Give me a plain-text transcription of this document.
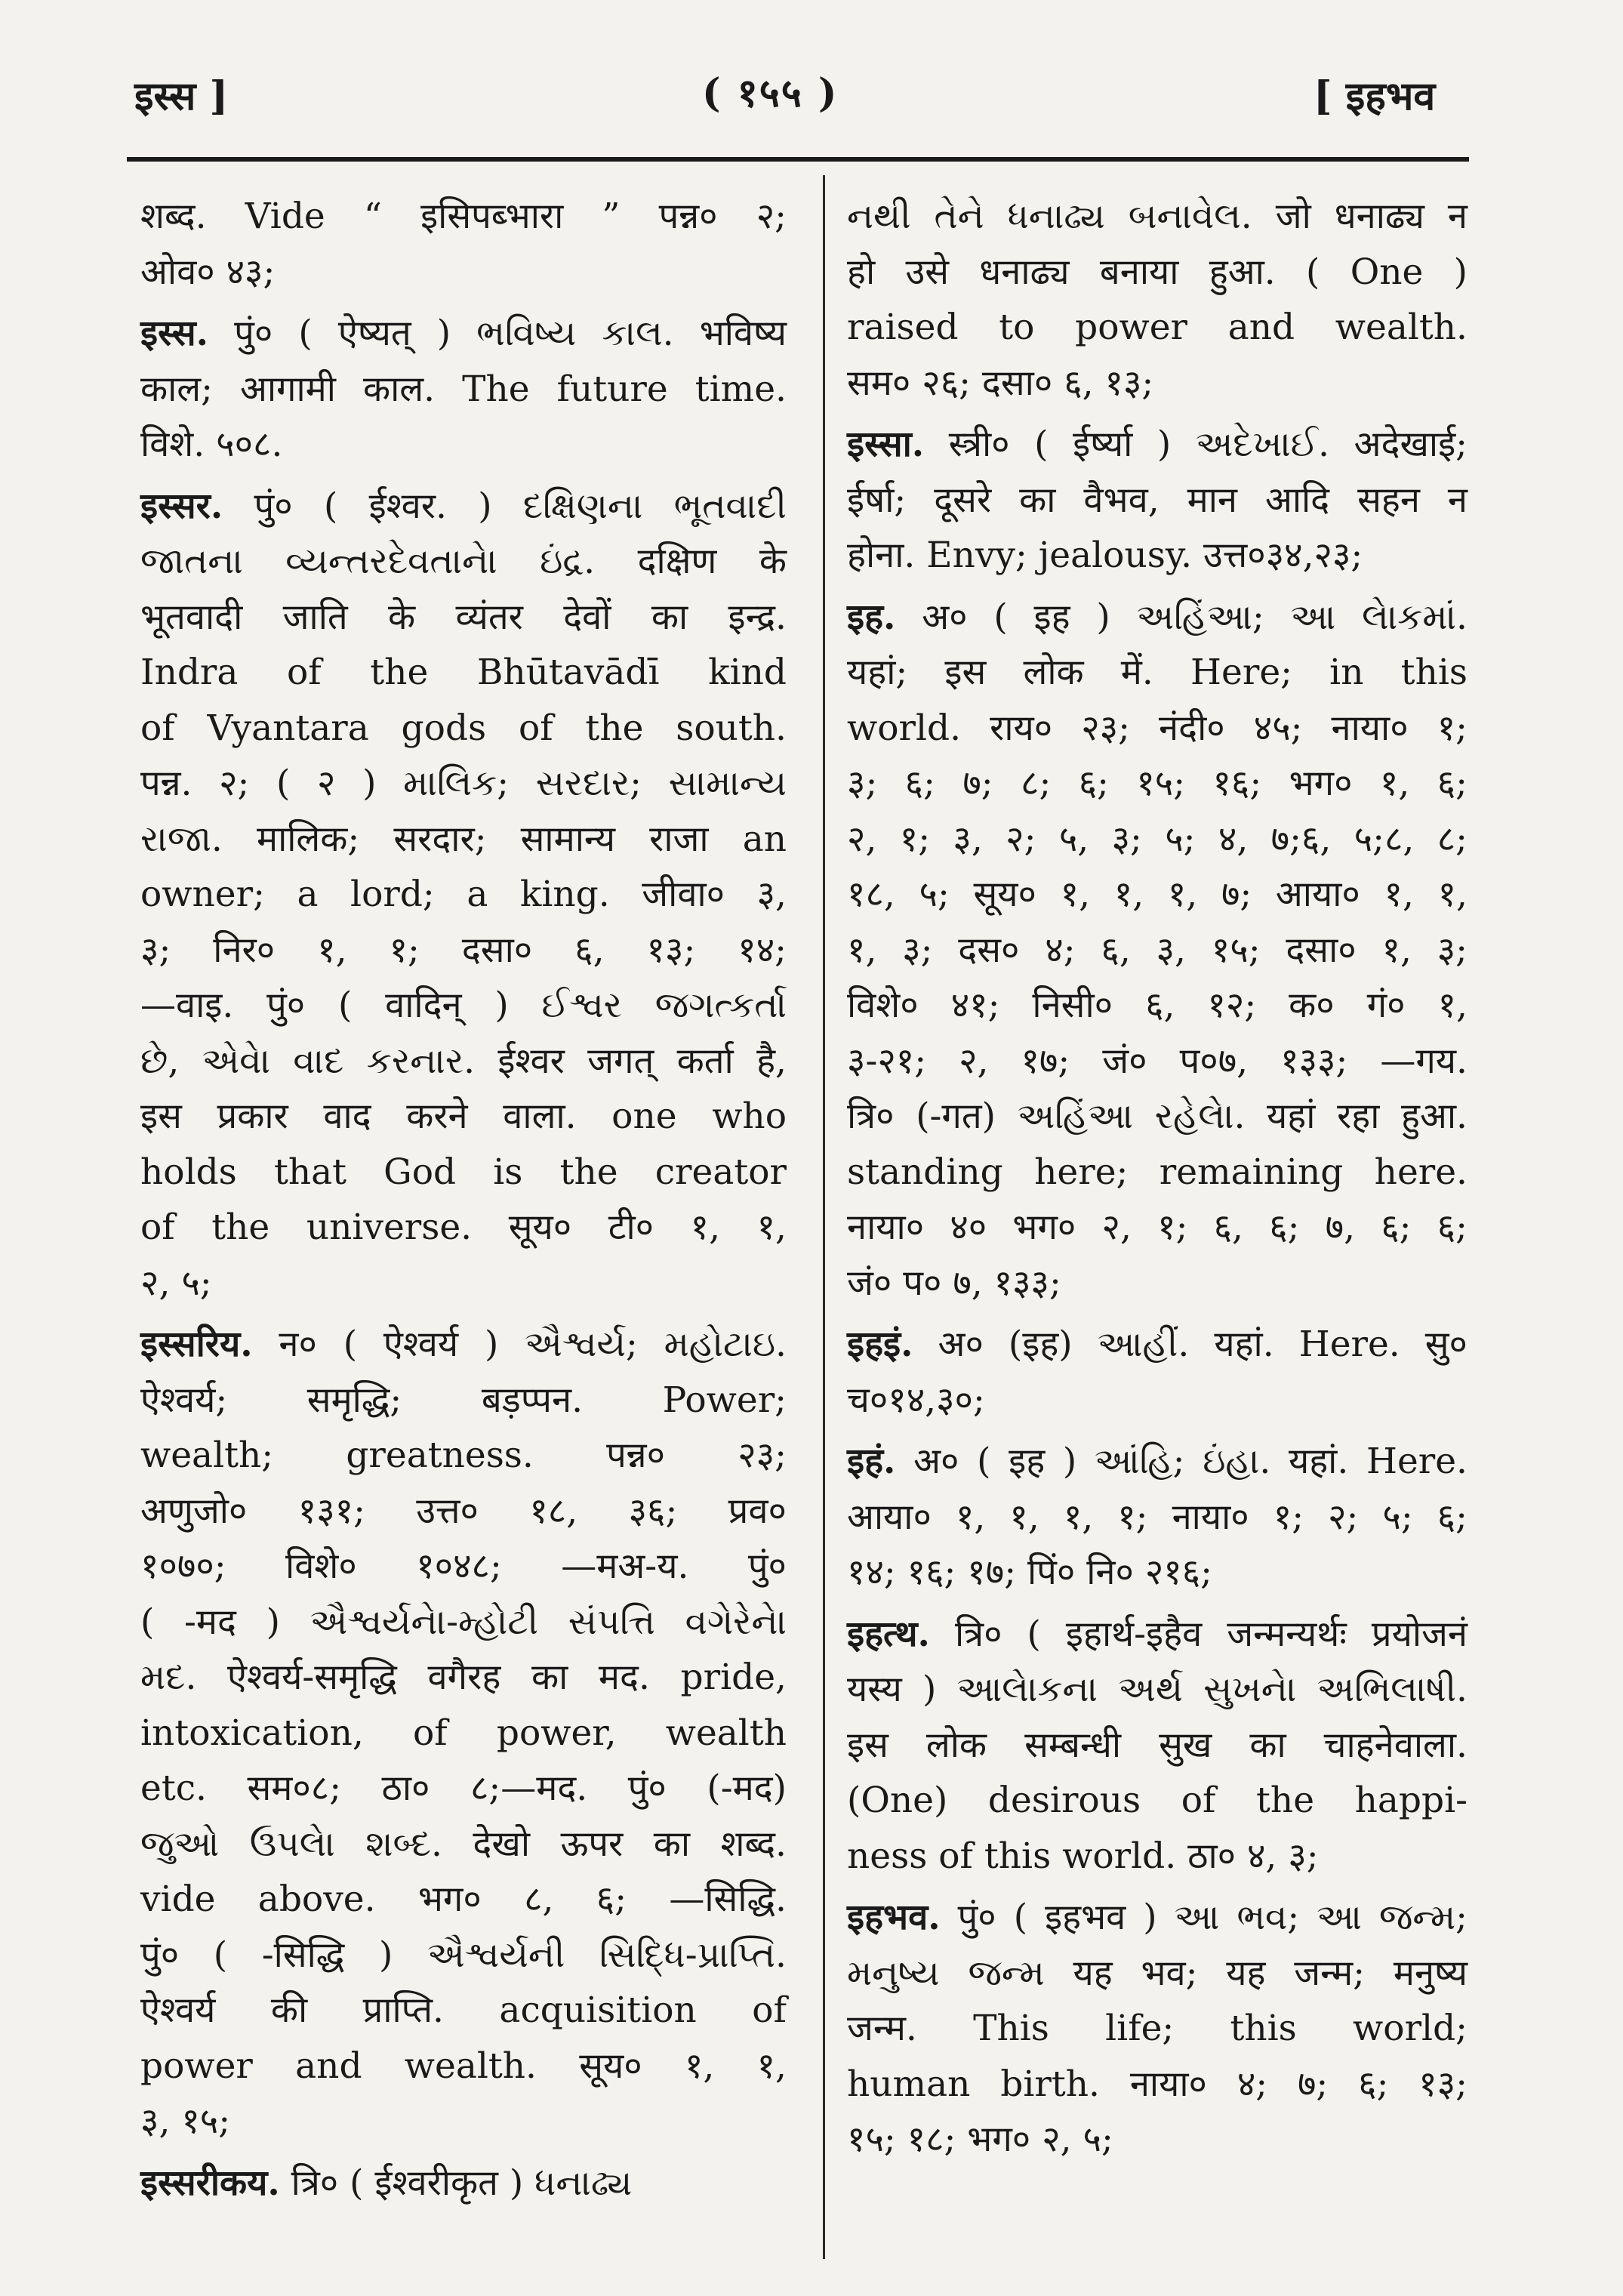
इस्स ]	( १५५ )	[ इहभव
शब्द. Vide “ इसिपब्भारा ” पन्न० २;
ओव० ४३;
इस्स. पुं० ( ऐष्यत् ) ભવિષ્ય કાલ. भविष्य
काल; आगामी काल. The future time.
विशे. ५०८.
इस्सर. पुं० ( ईश्वर. ) દક્ષિણના ભૂતવાદી
જાતના વ્યન્તરદેવતાનેા ઇંદ્ર. दक्षिण के
भूतवादी जाति के व्यंतर देवों का इन्द्र.
Indra of the Bhūtavādī kind
of Vyantara gods of the south.
पन्न. २; ( २ ) માલિક; સરદાર; સામાન્ય
રાજા. मालिक; सरदार; सामान्य राजा an
owner; a lord; a king. जीवा० ३,
३; निर० १, १; दसा० ६, १३; १४;
—वाइ. पुं० ( वादिन् ) ઈશ્વર જગત્કર્તા
છે, એવેા વાદ કરનાર. ईश्वर जगत् कर्ता है,
इस प्रकार वाद करने वाला. one who
holds that God is the creator
of the universe. सूय० टी० १, १,
२, ५;
इस्सरिय. न० ( ऐश्वर्य ) ઐશ્વર્ય; મહોટાઇ.
ऐश्वर्य; समृद्धि; बड़प्पन. Power;
wealth; greatness. पन्न० २३;
अणुजो० १३१; उत्त० १८, ३६; प्रव०
१०७०; विशे० १०४८; —मअ-य. पुं०
( -मद ) ઐશ્વર્યનેા-મ્હોટી સંપત્તિ વગેરેનેા
મદ. ऐश्वर्य-समृद्धि वगैरह का मद. pride,
intoxication, of power, wealth
etc. सम०८; ठा० ८;—मद. पुं० (-मद)
જુઓ ઉપલેા શબ્દ. देखो ऊपर का शब्द.
vide above. भग० ८, ६; —सिद्धि.
पुं० ( -सिद्धि ) ઐશ્વર્યની સિદ્ધિ-પ્રાપ્તિ.
ऐश्वर्य की प्राप्ति. acquisition of
power and wealth. सूय० १, १,
३, १५;
इस्सरीकय. त्रि० ( ईश्वरीकृत ) ધનાઢ્ય
નથી તેને ધનાઢ્ય બનાવેલ. जो धनाढ्य न
हो उसे धनाढ्य बनाया हुआ. ( One )
raised to power and wealth.
सम० २६; दसा० ६, १३;
इस्सा. स्त्री० ( ईर्ष्या ) અદેખાઈ. अदेखाई;
ईर्षा; दूसरे का वैभव, मान आदि सहन न
होना. Envy; jealousy. उत्त०३४,२३;
इह. अ० ( इह ) અહિંઆ; આ લેાકમાં.
यहां; इस लोक में. Here; in this
world. राय० २३; नंदी० ४५; नाया० १;
३; ६; ७; ८; ६; १५; १६; भग० १, ६;
२, १; ३, २; ५, ३; ५; ४, ७;६, ५;८, ८;
१८, ५; सूय० १, १, १, ७; आया० १, १,
१, ३; दस० ४; ६, ३, १५; दसा० १, ३;
विशे० ४१; निसी० ६, १२; क० गं० १,
३-२१; २, १७; जं० प०७, १३३; —गय.
त्रि० (-गत) અહિંઆ રહેલેા. यहां रहा हुआ.
standing here; remaining here.
नाया० ४० भग० २, १; ६, ६; ७, ६; ६;
जं० प० ७, १३३;
इहइं. अ० (इह) આહીં. यहां. Here. सु०
च०१४,३०;
इहं. अ० ( इह ) આંહિ; ઇંહા. यहां. Here.
आया० १, १, १, १; नाया० १; २; ५; ६;
१४; १६; १७; पिं० नि० २१६;
इहत्थ. त्रि० ( इहार्थ-इहैव जन्मन्यर्थः प्रयोजनं
यस्य ) આલેાકના અર્થ સુખનેા અભિલાષી.
इस लोक सम्बन्धी सुख का चाहनेवाला.
(One) desirous of the happi-
ness of this world. ठा० ४, ३;
इहभव. पुं० ( इहभव ) આ ભવ; આ જન્મ;
મનુષ્ય જન્મ यह भव; यह जन्म; मनुष्य
जन्म. This life; this world;
human birth. नाया० ४; ७; ६; १३;
१५; १८; भग० २, ५;
